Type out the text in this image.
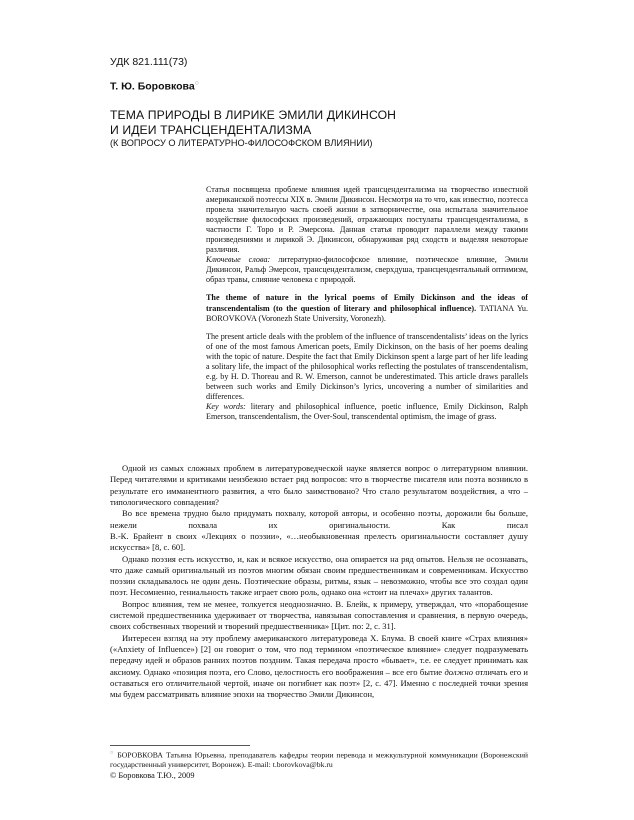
УДК 821.111(73)
Т. Ю. Боровкова○
ТЕМА ПРИРОДЫ В ЛИРИКЕ ЭМИЛИ ДИКИНСОН
И ИДЕИ ТРАНСЦЕНДЕНТАЛИЗМА
(К ВОПРОСУ О ЛИТЕРАТУРНО-ФИЛОСОФСКОМ ВЛИЯНИИ)

Статья посвящена проблеме влияния идей трансцендентализма на творчество известной американской поэтессы XIX в. Эмили Дикинсон. Несмотря на то что, как известно, поэтесса провела значительную часть своей жизни в затворничестве, она испытала значительное воздействие философских произведений, отражающих постулаты трансцендентализма, в частности Г. Торо и Р. Эмерсона. Данная статья проводит параллели между такими произведениями и лирикой Э. Дикинсон, обнаруживая ряд сходств и выделяя некоторые различия.

Ключевые слова: литературно-философское влияние, поэтическое влияние, Эмили Дикинсон, Ральф Эмерсон, трансцендентализм, сверхдуша, трансцендентальный оптимизм, образ травы, слияние человека с природой.

The theme of nature in the lyrical poems of Emily Dickinson and the ideas of transcendentalism (to the question of literary and philosophical influence). TATIANA Yu. BOROVKOVA (Voronezh State University, Voronezh).

The present article deals with the problem of the influence of transcendentalists’ ideas on the lyrics of one of the most famous American poets, Emily Dickinson, on the basis of her poems dealing with the topic of nature. Despite the fact that Emily Dickinson spent a large part of her life leading a solitary life, the impact of the philosophical works reflecting the postulates of transcendentalism, e.g. by H. D. Thoreau and R. W. Emerson, cannot be underestimated. This article draws parallels between such works and Emily Dickinson’s lyrics, uncovering a number of similarities and differences.

Key words: literary and philosophical influence, poetic influence, Emily Dickinson, Ralph Emerson, transcendentalism, the Over-Soul, transcendental optimism, the image of grass.

Одной из самых сложных проблем в литературоведческой науке является вопрос о литературном влиянии. Перед читателями и критиками неизбежно встает ряд вопросов: что в творчестве писателя или поэта возникло в результате его имманентного развития, а что было заимствовано? Что стало результатом воздействия, а что – типологического совпадения?

Во все времена трудно было придумать похвалу, которой авторы, и особенно поэты, дорожили бы больше, нежели похвала их оригинальности. Как писал

В.-К. Брайент в своих «Лекциях о поэзии», «…необыкновенная прелесть оригинальности составляет душу искусства» [8, с. 60].

Однако поэзия есть искусство, и, как и всякое искусство, она опирается на ряд опытов. Нельзя не осознавать, что даже самый оригинальный из поэтов многим обязан своим предшественникам и современникам. Искусство поэзии складывалось не один день. Поэтические образы, ритмы, язык – невозможно, чтобы все это создал один поэт. Несомненно, гениальность также играет свою роль, однако она «стоит на плечах» других талантов.

Вопрос влияния, тем не менее, толкуется неоднозначно. В. Блейк, к примеру, утверждал, что «порабощение системой предшественника удерживает от творчества, навязывая сопоставления и сравнения, в первую очередь, своих собственных творений и творений предшественника» [Цит. по: 2, с. 31].

Интересен взгляд на эту проблему американского литературоведа Х. Блума. В своей книге «Страх влияния» («Anxiety of Influence») [2] он говорит о том, что под термином «поэтическое влияние» следует подразумевать передачу идей и образов ранних поэтов поздним. Такая передача просто «бывает», т.е. ее следует принимать как аксиому. Однако «позиция поэта, его Слово, целостность его воображения – все его бытие должно отличать его и оставаться его отличительной чертой, иначе он погибнет как поэт» [2, с. 47]. Именно с последней точки зрения мы будем рассматривать влияние эпохи на творчество Эмили Дикинсон,

○ БОРОВКОВА Татьяна Юрьевна, преподаватель кафедры теории перевода и межкультурной коммуникации (Воронежский государственный университет, Воронеж). E-mail: t.borovkova@bk.ru

© Боровкова Т.Ю., 2009
